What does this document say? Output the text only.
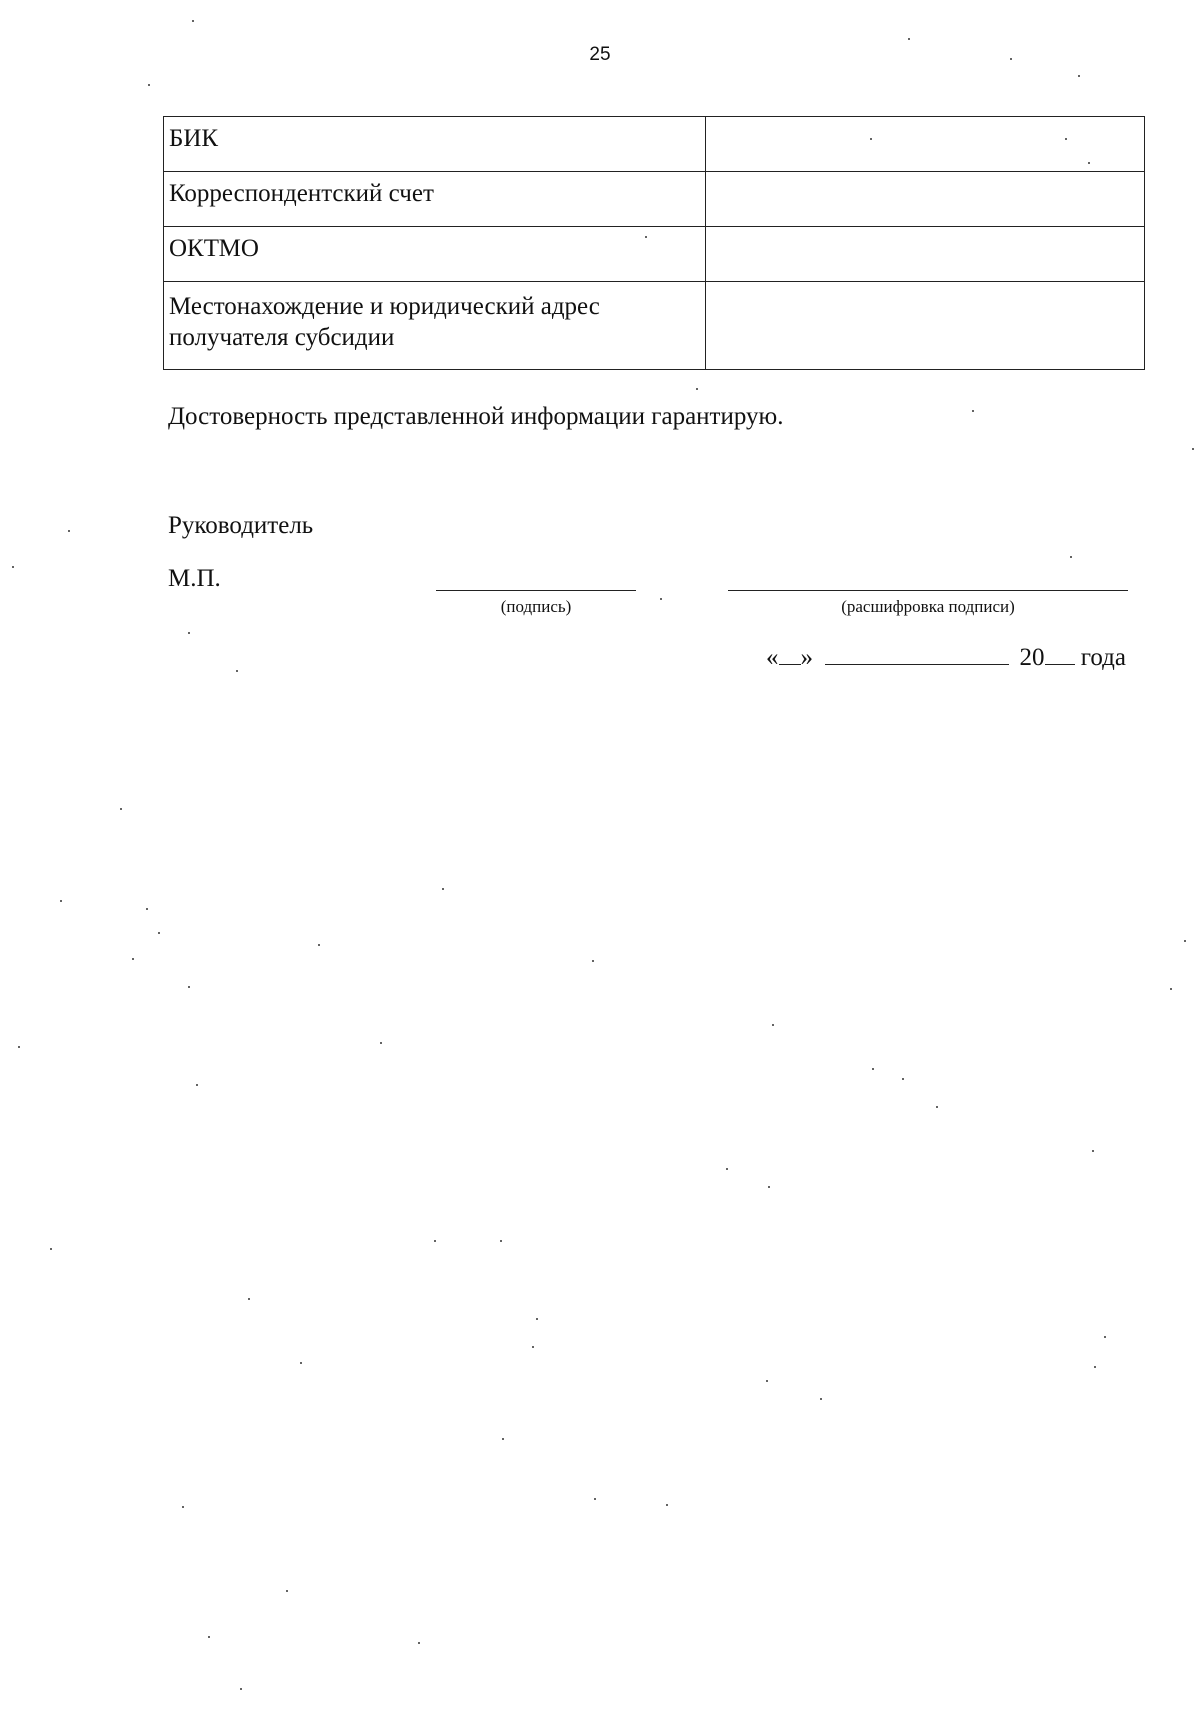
25
БИК	
Корреспондентский счет	
ОКТМО	
Местонахождение и юридический адрес получателя субсидии	
Достоверность представленной информации гарантирую.
Руководитель
М.П.
(подпись)	(расшифровка подписи)
« »	20 года
